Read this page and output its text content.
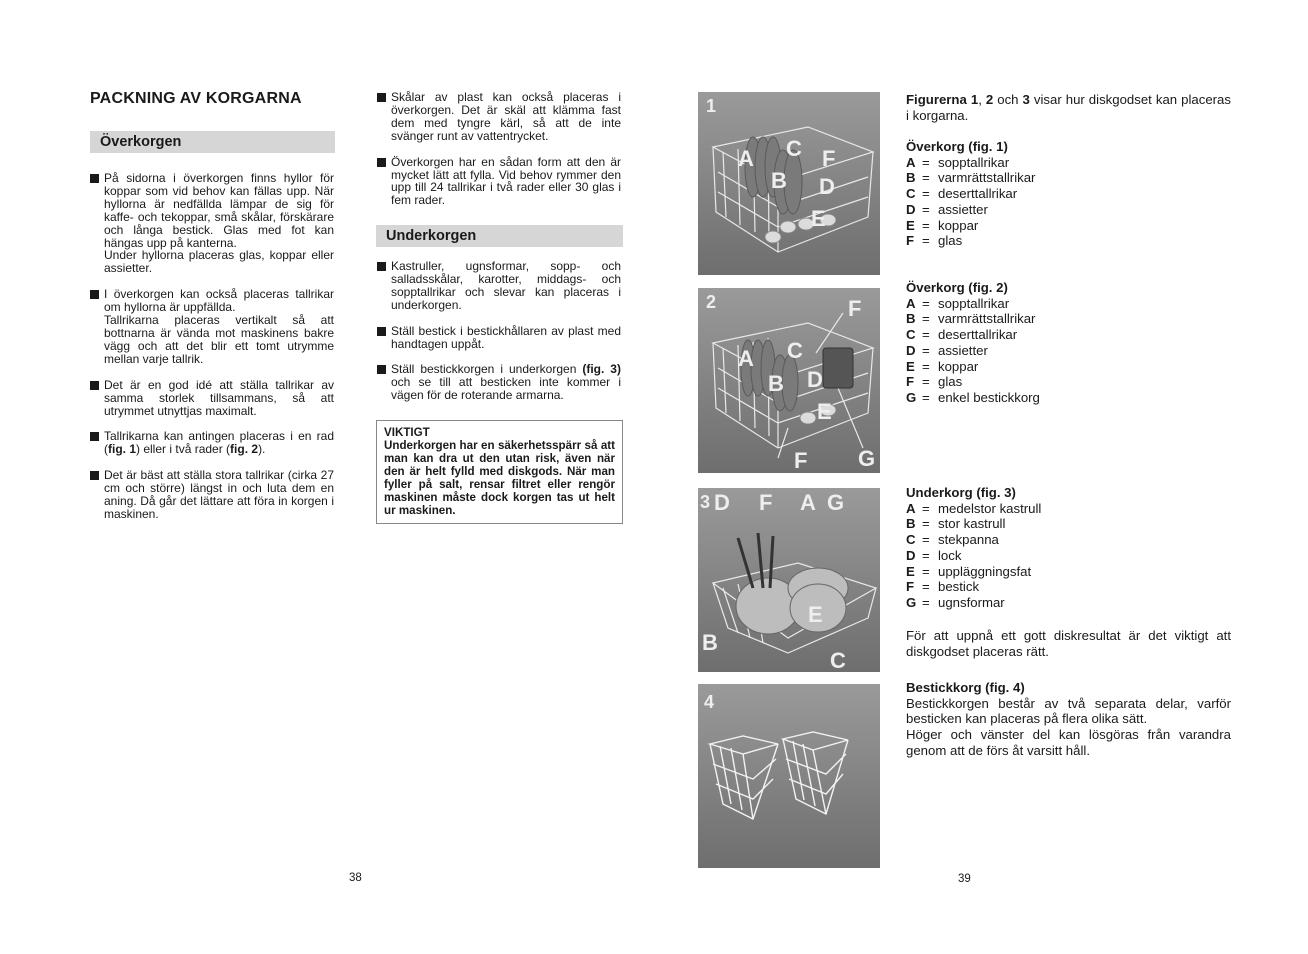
PACKNING AV KORGARNA
Överkorgen

På sidorna i överkorgen finns hyllor för koppar som vid behov kan fällas upp. När hyllorna är nedfällda lämpar de sig för kaffe- och tekoppar, små skålar, förskärare och långa bestick. Glas med fot kan hängas upp på kanterna.

Under hyllorna placeras glas, koppar eller assietter.

I överkorgen kan också placeras tallrikar om hyllorna är uppfällda.

Tallrikarna placeras vertikalt så att bottnarna är vända mot maskinens bakre vägg och att det blir ett tomt utrymme mellan varje tallrik.

Det är en god idé att ställa tallrikar av samma storlek tillsammans, så att utrymmet utnyttjas maximalt.

Tallrikarna kan antingen placeras i en rad (fig. 1) eller i två rader (fig. 2).

Det är bäst att ställa stora tallrikar (cirka 27 cm och större) längst in och luta dem en aning. Då går det lättare att föra in korgen i maskinen.

Skålar av plast kan också placeras i överkorgen. Det är skäl att klämma fast dem med tyngre kärl, så att de inte svänger runt av vattentrycket.

Överkorgen har en sådan form att den är mycket lätt att fylla. Vid behov rymmer den upp till 24 tallrikar i två rader eller 30 glas i fem rader.

Underkorgen

Kastruller, ugnsformar, sopp- och salladsskålar, karotter, middags- och sopptallrikar och slevar kan placeras i underkorgen.

Ställ bestick i bestickhållaren av plast med handtagen uppåt.

Ställ bestickkorgen i underkorgen (fig. 3) och se till att besticken inte kommer i vägen för de roterande armarna.

VIKTIGT
Underkorgen har en säkerhetsspärr så att man kan dra ut den utan risk, även när den är helt fylld med diskgods. När man fyller på salt, rensar filtret eller rengör maskinen måste dock korgen tas ut helt ur maskinen.
38
1
A C F
B D
E
2	F
A C
B D
E
F G
3 D F A G
E
B
C
4

Figurerna 1, 2 och 3 visar hur diskgodset kan placeras i korgarna.

Överkorg (fig. 1)
A = sopptallrikar
B = varmrättstallrikar
C = deserttallrikar
D = assietter
E = koppar
F = glas
Överkorg (fig. 2)
A = sopptallrikar
B = varmrättstallrikar
C = deserttallrikar
D = assietter
E = koppar
F = glas
G = enkel bestickkorg
Underkorg (fig. 3)
A = medelstor kastrull
B = stor kastrull
C = stekpanna
D = lock
E = uppläggningsfat
F = bestick
G = ugnsformar

För att uppnå ett gott diskresultat är det viktigt att diskgodset placeras rätt.

Bestickkorg (fig. 4)

Bestickkorgen består av två separata delar, varför besticken kan placeras på flera olika sätt.

Höger och vänster del kan lösgöras från varandra genom att de förs åt varsitt håll.

39
